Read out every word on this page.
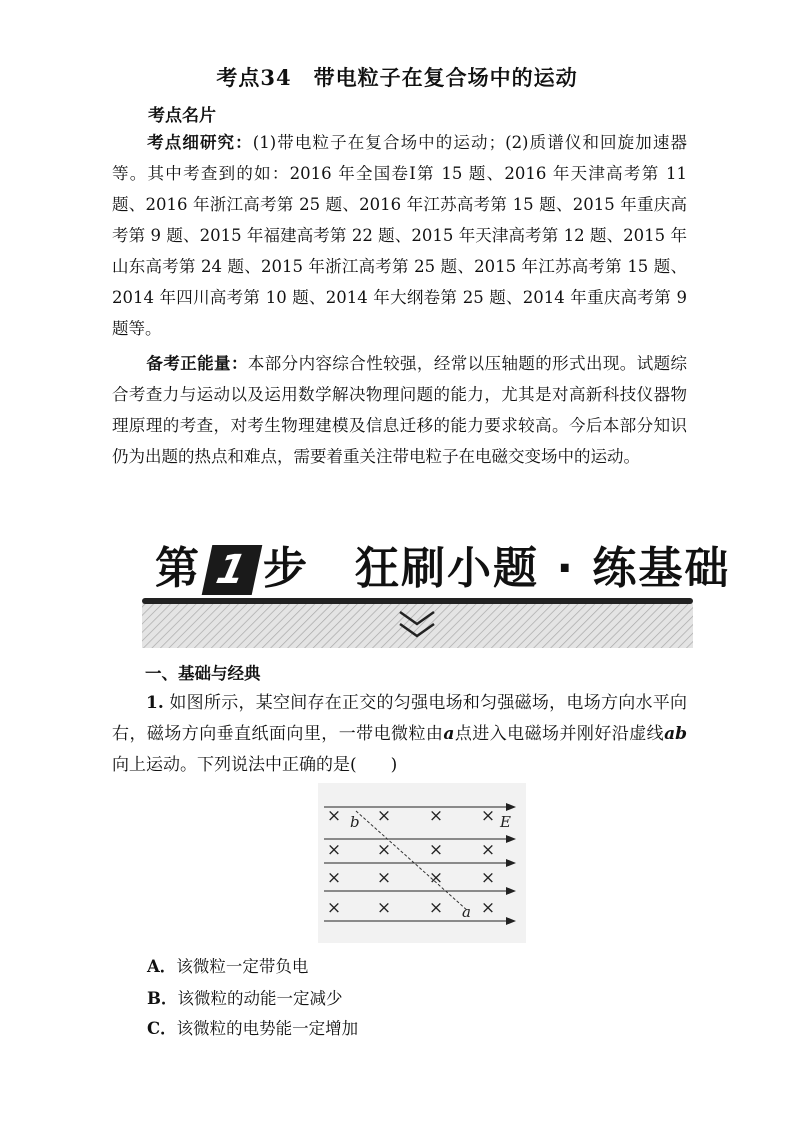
考点34　带电粒子在复合场中的运动
考点名片
考点细研究：(1)带电粒子在复合场中的运动；(2)质谱仪和回旋加速器等。其中考查到的如：2016 年全国卷Ⅰ第 15 题、2016 年天津高考第 11 题、2016 年浙江高考第 25 题、2016 年江苏高考第 15 题、2015 年重庆高考第 9 题、2015 年福建高考第 22 题、2015 年天津高考第 12 题、2015 年山东高考第 24 题、2015 年浙江高考第 25 题、2015 年江苏高考第 15 题、2014 年四川高考第 10 题、2014 年大纲卷第 25 题、2014 年重庆高考第 9 题等。
备考正能量：本部分内容综合性较强，经常以压轴题的形式出现。试题综合考查力与运动以及运用数学解决物理问题的能力，尤其是对高新科技仪器物理原理的考查，对考生物理建模及信息迁移的能力要求较高。今后本部分知识仍为出题的热点和难点，需要着重关注带电粒子在电磁交变场中的运动。
第 1 步　狂刷小题 · 练基础
一、基础与经典
1. 如图所示，某空间存在正交的匀强电场和匀强磁场，电场方向水平向右，磁场方向垂直纸面向里，一带电微粒由a点进入电磁场并刚好沿虚线ab向上运动。下列说法中正确的是(　　)
× × × ×
× × × ×
× × × ×
× × × ×
b
a
E
A．该微粒一定带负电
B．该微粒的动能一定减少
C．该微粒的电势能一定增加
